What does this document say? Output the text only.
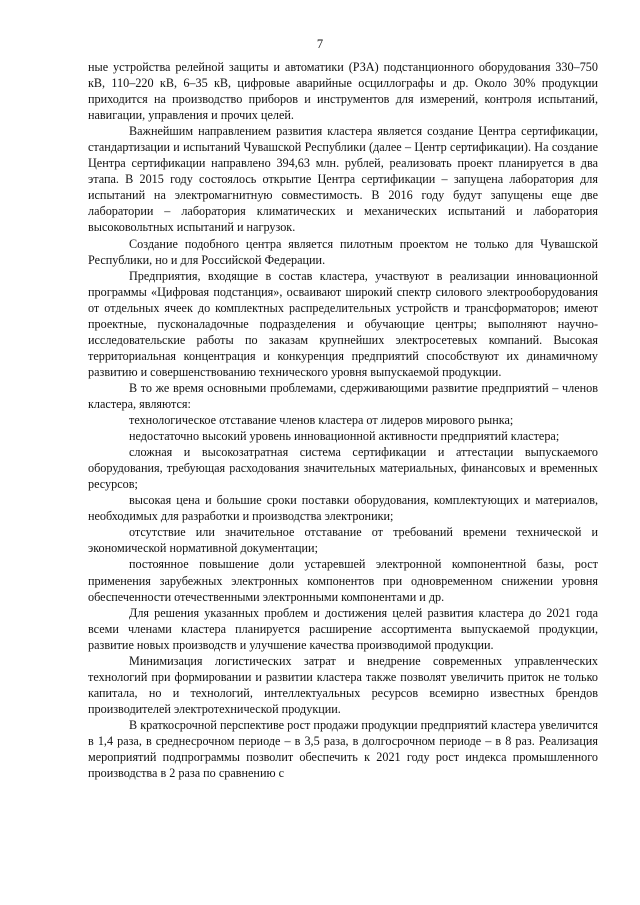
7

ные устройства релейной защиты и автоматики (РЗА) подстанционного оборудования 330–750 кВ, 110–220 кВ, 6–35 кВ, цифровые аварийные осциллографы и др. Около 30% продукции приходится на производство приборов и инструментов для измерений, контроля испытаний, навигации, управления и прочих целей.

Важнейшим направлением развития кластера является создание Центра сертификации, стандартизации и испытаний Чувашской Республики (далее – Центр сертификации). На создание Центра сертификации направлено 394,63 млн. рублей, реализовать проект планируется в два этапа. В 2015 году состоялось открытие Центра сертификации – запущена лаборатория для испытаний на электромагнитную совместимость. В 2016 году будут запущены еще две лаборатории – лаборатория климатических и механических испытаний и лаборатория высоковольтных испытаний и нагрузок.

Создание подобного центра является пилотным проектом не только для Чувашской Республики, но и для Российской Федерации.

Предприятия, входящие в состав кластера, участвуют в реализации инновационной программы «Цифровая подстанция», осваивают широкий спектр силового электрооборудования от отдельных ячеек до комплектных распределительных устройств и трансформаторов; имеют проектные, пусконаладочные подразделения и обучающие центры; выполняют научно-исследовательские работы по заказам крупнейших электросетевых компаний. Высокая территориальная концентрация и конкуренция предприятий способствуют их динамичному развитию и совершенствованию технического уровня выпускаемой продукции.

В то же время основными проблемами, сдерживающими развитие предприятий – членов кластера, являются:

технологическое отставание членов кластера от лидеров мирового рынка;

недостаточно высокий уровень инновационной активности предприятий кластера;

сложная и высокозатратная система сертификации и аттестации выпускаемого оборудования, требующая расходования значительных материальных, финансовых и временных ресурсов;

высокая цена и большие сроки поставки оборудования, комплектующих и материалов, необходимых для разработки и производства электроники;

отсутствие или значительное отставание от требований времени технической и экономической нормативной документации;

постоянное повышение доли устаревшей электронной компонентной базы, рост применения зарубежных электронных компонентов при одновременном снижении уровня обеспеченности отечественными электронными компонентами и др.

Для решения указанных проблем и достижения целей развития кластера до 2021 года всеми членами кластера планируется расширение ассортимента выпускаемой продукции, развитие новых производств и улучшение качества производимой продукции.

Минимизация логистических затрат и внедрение современных управленческих технологий при формировании и развитии кластера также позволят увеличить приток не только капитала, но и технологий, интеллектуальных ресурсов всемирно известных брендов производителей электротехнической продукции.

В краткосрочной перспективе рост продажи продукции предприятий кластера увеличится в 1,4 раза, в среднесрочном периоде – в 3,5 раза, в долгосрочном периоде – в 8 раз. Реализация мероприятий подпрограммы позволит обеспечить к 2021 году рост индекса промышленного производства в 2 раза по сравнению с
